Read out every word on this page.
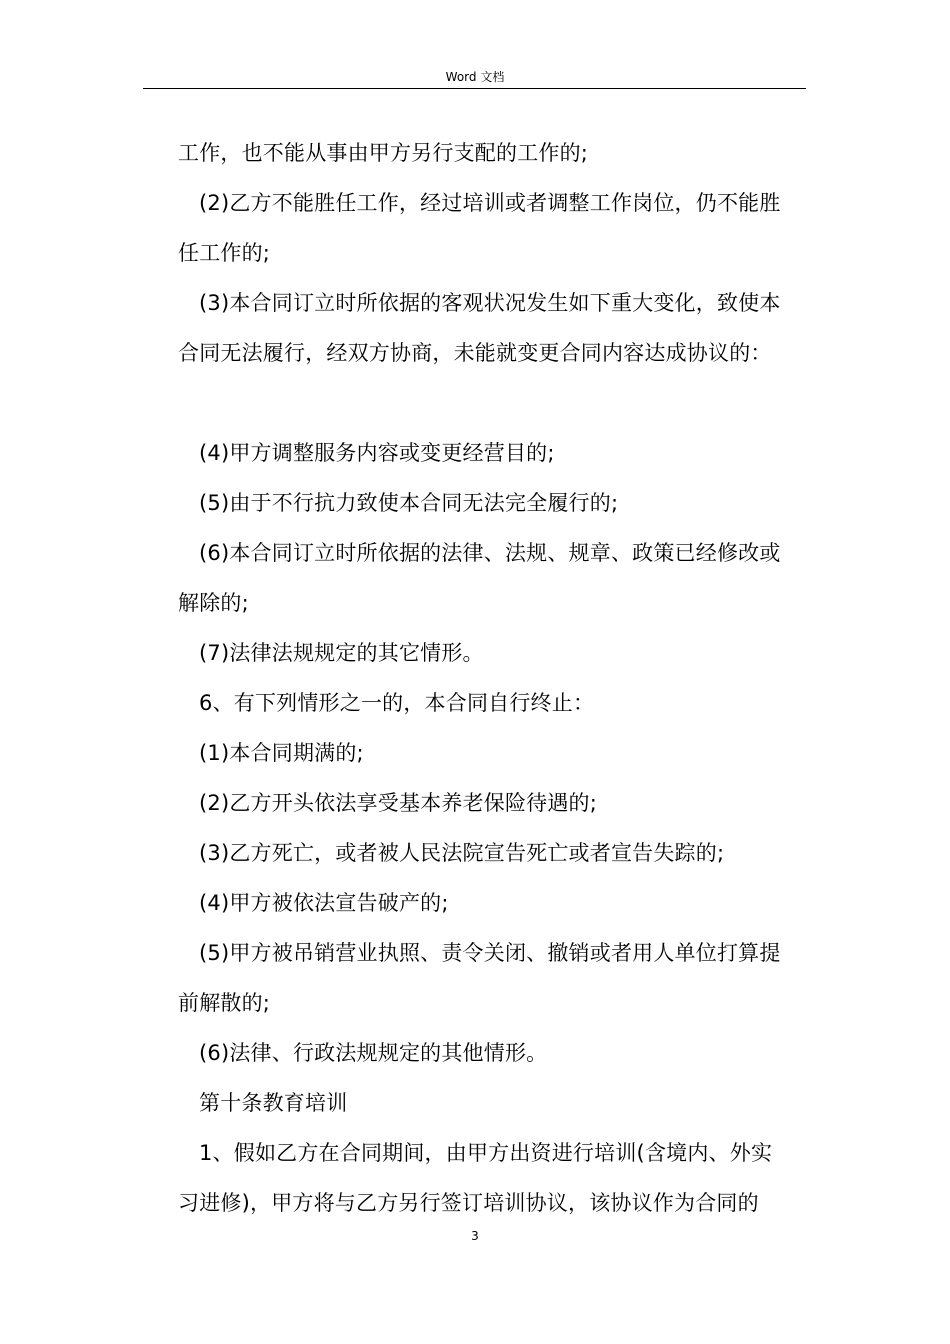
Word 文档
工作，也不能从事由甲方另行支配的工作的;
(2)乙方不能胜任工作，经过培训或者调整工作岗位，仍不能胜
任工作的;
(3)本合同订立时所依据的客观状况发生如下重大变化，致使本
合同无法履行，经双方协商，未能就变更合同内容达成协议的：
(4)甲方调整服务内容或变更经营目的;
(5)由于不行抗力致使本合同无法完全履行的;
(6)本合同订立时所依据的法律、法规、规章、政策已经修改或
解除的;
(7)法律法规规定的其它情形。
6、有下列情形之一的，本合同自行终止：
(1)本合同期满的;
(2)乙方开头依法享受基本养老保险待遇的;
(3)乙方死亡，或者被人民法院宣告死亡或者宣告失踪的;
(4)甲方被依法宣告破产的;
(5)甲方被吊销营业执照、责令关闭、撤销或者用人单位打算提
前解散的;
(6)法律、行政法规规定的其他情形。
第十条教育培训
1、假如乙方在合同期间，由甲方出资进行培训(含境内、外实
习进修)，甲方将与乙方另行签订培训协议，该协议作为合同的
3
